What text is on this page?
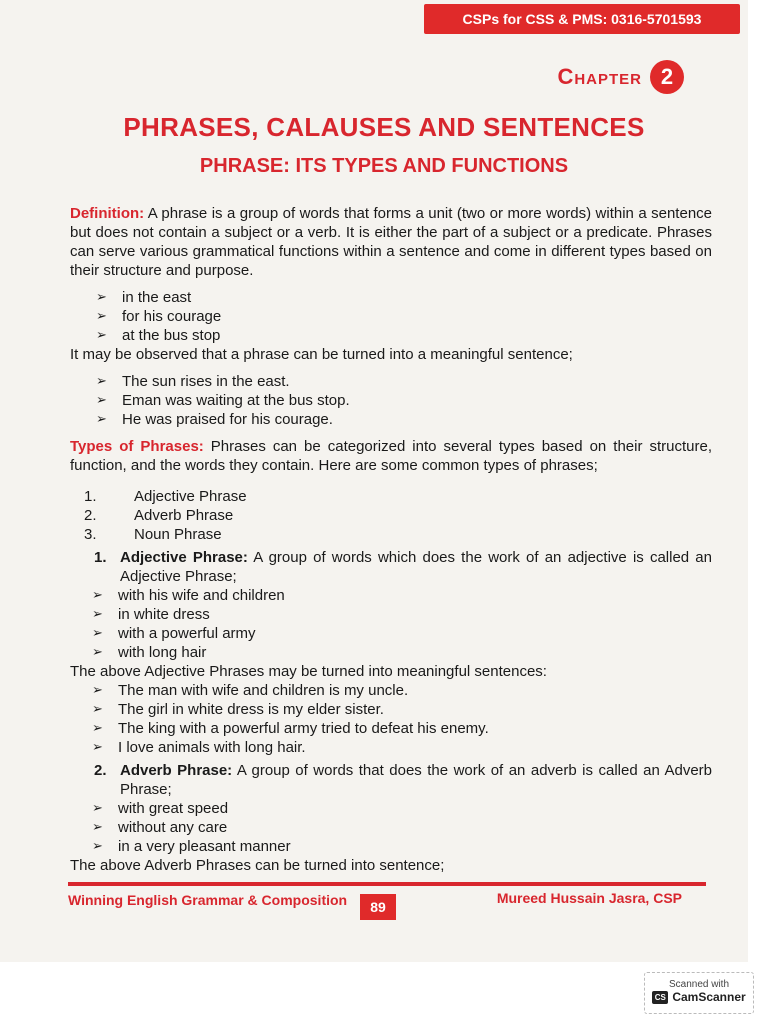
CSPs for CSS & PMS: 0316-5701593
Chapter 2
PHRASES, CALAUSES AND SENTENCES
PHRASE: ITS TYPES AND FUNCTIONS

Definition: A phrase is a group of words that forms a unit (two or more words) within a sentence but does not contain a subject or a verb. It is either the part of a subject or a predicate. Phrases can serve various grammatical functions within a sentence and come in different types based on their structure and purpose.

➢ in the east
➢ for his courage
➢ at the bus stop

It may be observed that a phrase can be turned into a meaningful sentence;

➢ The sun rises in the east.
➢ Eman was waiting at the bus stop.
➢ He was praised for his courage.

Types of Phrases: Phrases can be categorized into several types based on their structure, function, and the words they contain. Here are some common types of phrases;

1.	Adjective Phrase
2.	Adverb Phrase
3.	Noun Phrase
1. Adjective Phrase: A group of words which does the work of an adjective is called an Adjective Phrase;
➢ with his wife and children
➢ in white dress
➢ with a powerful army
➢ with long hair

The above Adjective Phrases may be turned into meaningful sentences:

➢ The man with wife and children is my uncle.
➢ The girl in white dress is my elder sister.
➢ The king with a powerful army tried to defeat his enemy.
➢ I love animals with long hair.
2. Adverb Phrase: A group of words that does the work of an adverb is called an Adverb Phrase;
➢ with great speed
➢ without any care
➢ in a very pleasant manner

The above Adverb Phrases can be turned into sentence;

Winning English Grammar & Composition	89
Mureed Hussain Jasra, CSP
Scanned with
CS CamScanner
